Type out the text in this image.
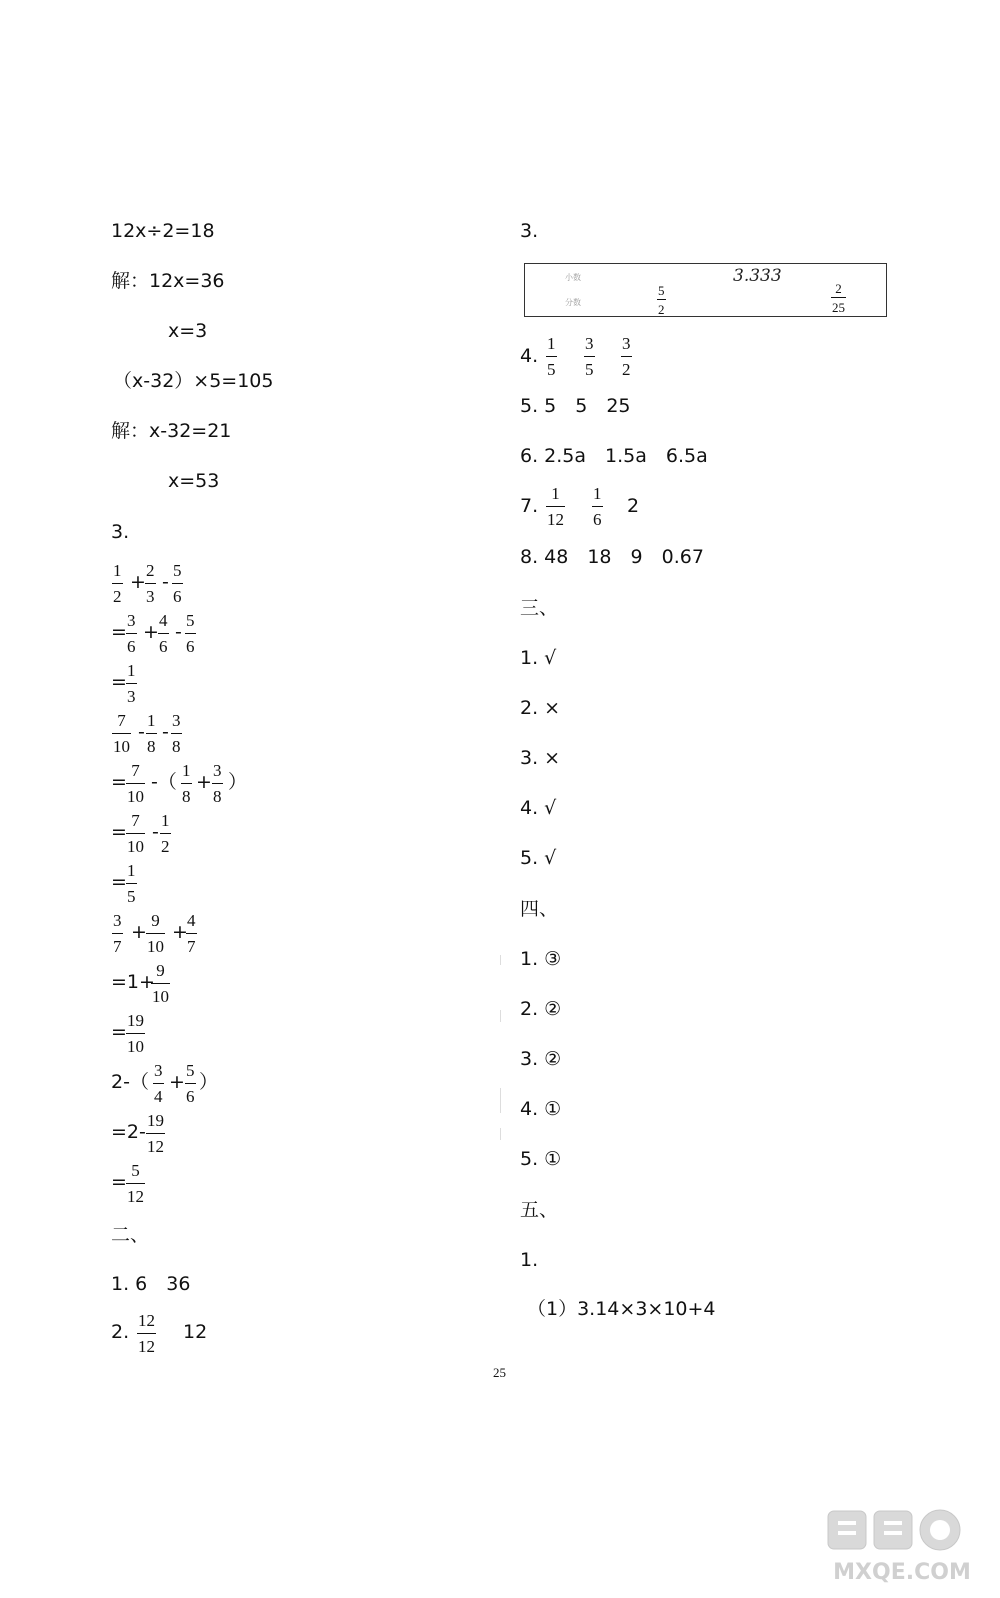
12x÷2=18
解：12x=36
x=3
（x-32）×5=105
解：x-32=21
x=53
3.
1
2
+
2
3
-
5
6
=
3
6
+
4
6
-
5
6
=
1
3
7
10
-
1
8
-
3
8
=
7
10
-（
1
8
+
3
8
）
=
7
10
-
1
2
=
1
5
3
7
+
9
10
+
4
7
=1+
9
10
=
19
10
2-（
3
4
+
5
6
）
=2-
19
12
=
5
12
二、
1. 6　36
2.
12
12
12
3.
小数
分数
3.333
5
2
2
25
4.
1
5
3
5
3
2
5. 5　5　25
6. 2.5a　1.5a　6.5a
7.
1
12
1
6
2
8. 48　18　9　0.67
三、
1. √
2. ×
3. ×
4. √
5. √
四、
1. ③
2. ②
3. ②
4. ①
5. ①
五、
1.
（1）3.14×3×10+4
25
MXQE.COM
